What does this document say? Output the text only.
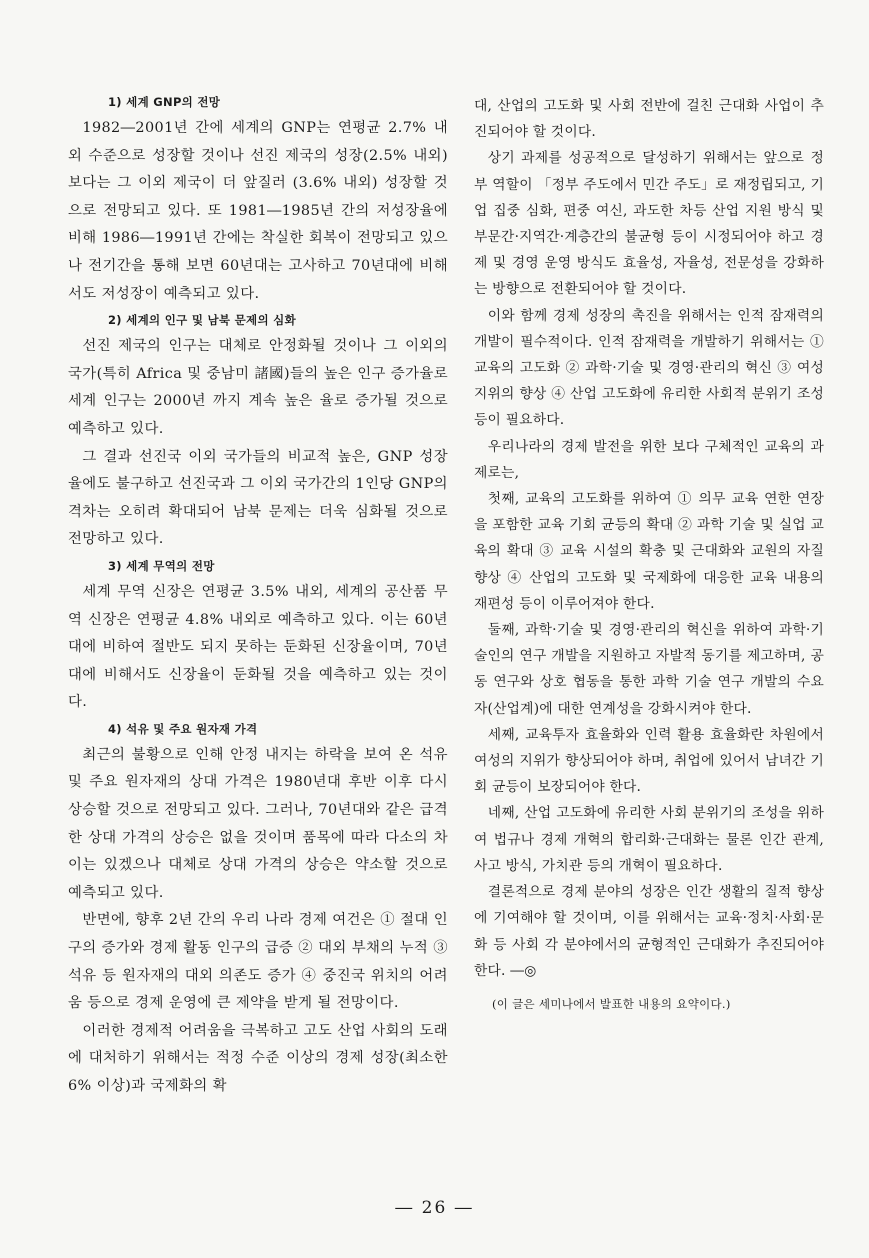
1) 세계 GNP의 전망

1982―2001년 간에 세계의 GNP는 연평균 2.7% 내외 수준으로 성장할 것이나 선진 제국의 성장(2.5% 내외)보다는 그 이외 제국이 더 앞질러 (3.6% 내외) 성장할 것으로 전망되고 있다. 또 1981―1985년 간의 저성장율에 비해 1986―1991년 간에는 착실한 회복이 전망되고 있으나 전기간을 통해 보면 60년대는 고사하고 70년대에 비해서도 저성장이 예측되고 있다.

2) 세계의 인구 및 남북 문제의 심화

선진 제국의 인구는 대체로 안정화될 것이나 그 이외의 국가(특히 Africa 및 중남미 諸國)들의 높은 인구 증가율로 세계 인구는 2000년 까지 계속 높은 율로 증가될 것으로 예측하고 있다.

그 결과 선진국 이외 국가들의 비교적 높은, GNP 성장율에도 불구하고 선진국과 그 이외 국가간의 1인당 GNP의 격차는 오히려 확대되어 남북 문제는 더욱 심화될 것으로 전망하고 있다.

3) 세계 무역의 전망

세계 무역 신장은 연평균 3.5% 내외, 세계의 공산품 무역 신장은 연평균 4.8% 내외로 예측하고 있다. 이는 60년대에 비하여 절반도 되지 못하는 둔화된 신장율이며, 70년대에 비해서도 신장율이 둔화될 것을 예측하고 있는 것이다.

4) 석유 및 주요 원자재 가격

최근의 불황으로 인해 안정 내지는 하락을 보여 온 석유 및 주요 원자재의 상대 가격은 1980년대 후반 이후 다시 상승할 것으로 전망되고 있다. 그러나, 70년대와 같은 급격한 상대 가격의 상승은 없을 것이며 품목에 따라 다소의 차이는 있겠으나 대체로 상대 가격의 상승은 약소할 것으로 예측되고 있다.

반면에, 향후 2년 간의 우리 나라 경제 여건은 ① 절대 인구의 증가와 경제 활동 인구의 급증 ② 대외 부채의 누적 ③ 석유 등 원자재의 대외 의존도 증가 ④ 중진국 위치의 어려움 등으로 경제 운영에 큰 제약을 받게 될 전망이다.

이러한 경제적 어려움을 극복하고 고도 산업 사회의 도래에 대처하기 위해서는 적정 수준 이상의 경제 성장(최소한 6% 이상)과 국제화의 확

대, 산업의 고도화 및 사회 전반에 걸친 근대화 사업이 추진되어야 할 것이다.

상기 과제를 성공적으로 달성하기 위해서는 앞으로 정부 역할이 「정부 주도에서 민간 주도」로 재정립되고, 기업 집중 심화, 편중 여신, 과도한 차등 산업 지원 방식 및 부문간·지역간·계층간의 불균형 등이 시정되어야 하고 경제 및 경영 운영 방식도 효율성, 자율성, 전문성을 강화하는 방향으로 전환되어야 할 것이다.

이와 함께 경제 성장의 촉진을 위해서는 인적 잠재력의 개발이 필수적이다. 인적 잠재력을 개발하기 위해서는 ① 교육의 고도화 ② 과학·기술 및 경영·관리의 혁신 ③ 여성 지위의 향상 ④ 산업 고도화에 유리한 사회적 분위기 조성 등이 필요하다.

우리나라의 경제 발전을 위한 보다 구체적인 교육의 과제로는,

첫째, 교육의 고도화를 위하여 ① 의무 교육 연한 연장을 포함한 교육 기회 균등의 확대 ② 과학 기술 및 실업 교육의 확대 ③ 교육 시설의 확충 및 근대화와 교원의 자질 향상 ④ 산업의 고도화 및 국제화에 대응한 교육 내용의 재편성 등이 이루어져야 한다.

둘째, 과학·기술 및 경영·관리의 혁신을 위하여 과학·기술인의 연구 개발을 지원하고 자발적 동기를 제고하며, 공동 연구와 상호 협동을 통한 과학 기술 연구 개발의 수요자(산업계)에 대한 연계성을 강화시켜야 한다.

세째, 교육투자 효율화와 인력 활용 효율화란 차원에서 여성의 지위가 향상되어야 하며, 취업에 있어서 남녀간 기회 균등이 보장되어야 한다.

네째, 산업 고도화에 유리한 사회 분위기의 조성을 위하여 법규나 경제 개혁의 합리화·근대화는 물론 인간 관계, 사고 방식, 가치관 등의 개혁이 필요하다.

결론적으로 경제 분야의 성장은 인간 생활의 질적 향상에 기여해야 할 것이며, 이를 위해서는 교육·정치·사회·문화 등 사회 각 분야에서의 균형적인 근대화가 추진되어야 한다. ―◎

(이 글은 세미나에서 발표한 내용의 요약이다.)

― 26 ―
